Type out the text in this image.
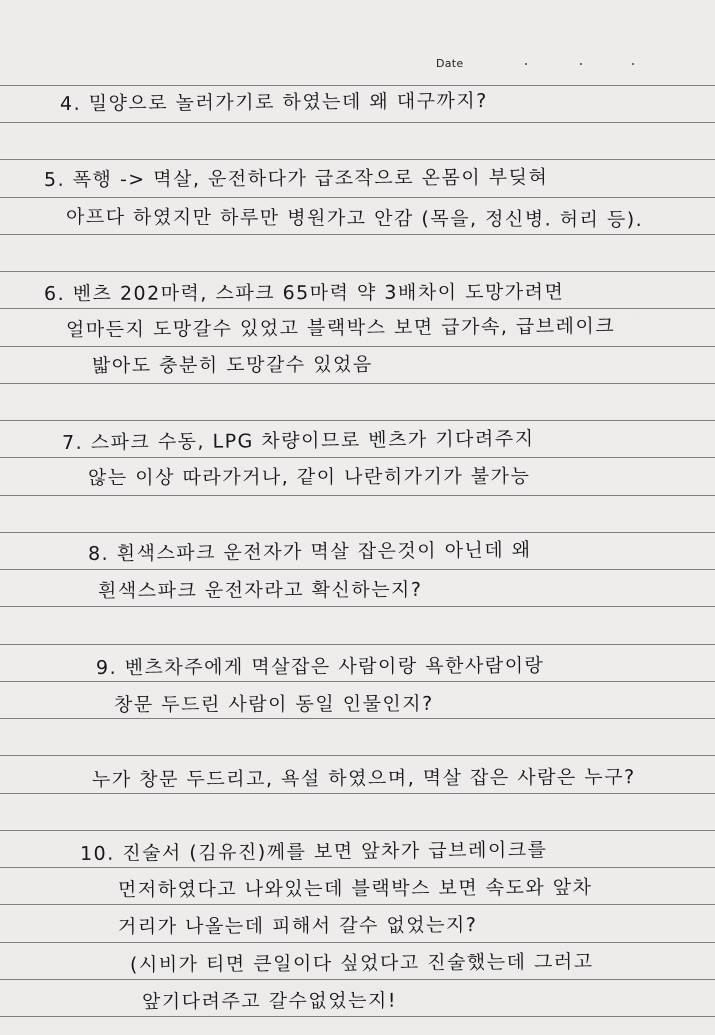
Date
4. 밀양으로 놀러가기로 하였는데 왜 대구까지?
5. 폭행 -> 멱살, 운전하다가 급조작으로 온몸이 부딪혀
아프다 하였지만 하루만 병원가고 안감 (목을, 정신병. 허리 등).
6. 벤츠 202마력, 스파크 65마력 약 3배차이 도망가려면
얼마든지 도망갈수 있었고 블랙박스 보면 급가속, 급브레이크
밟아도 충분히 도망갈수 있었음
7. 스파크 수동, LPG 차량이므로 벤츠가 기다려주지
않는 이상 따라가거나, 같이 나란히가기가 불가능
8. 흰색스파크 운전자가 멱살 잡은것이 아닌데 왜
흰색스파크 운전자라고 확신하는지?
9. 벤츠차주에게 멱살잡은 사람이랑 욕한사람이랑
창문 두드린 사람이 동일 인물인지?
누가 창문 두드리고, 욕설 하였으며, 멱살 잡은 사람은 누구?
10. 진술서 (김유진)께를 보면 앞차가 급브레이크를
먼저하였다고 나와있는데 블랙박스 보면 속도와 앞차
거리가 나올는데 피해서 갈수 없었는지?
(시비가 티면 큰일이다 싶었다고 진술했는데 그러고
앞기다려주고 갈수없었는지!
